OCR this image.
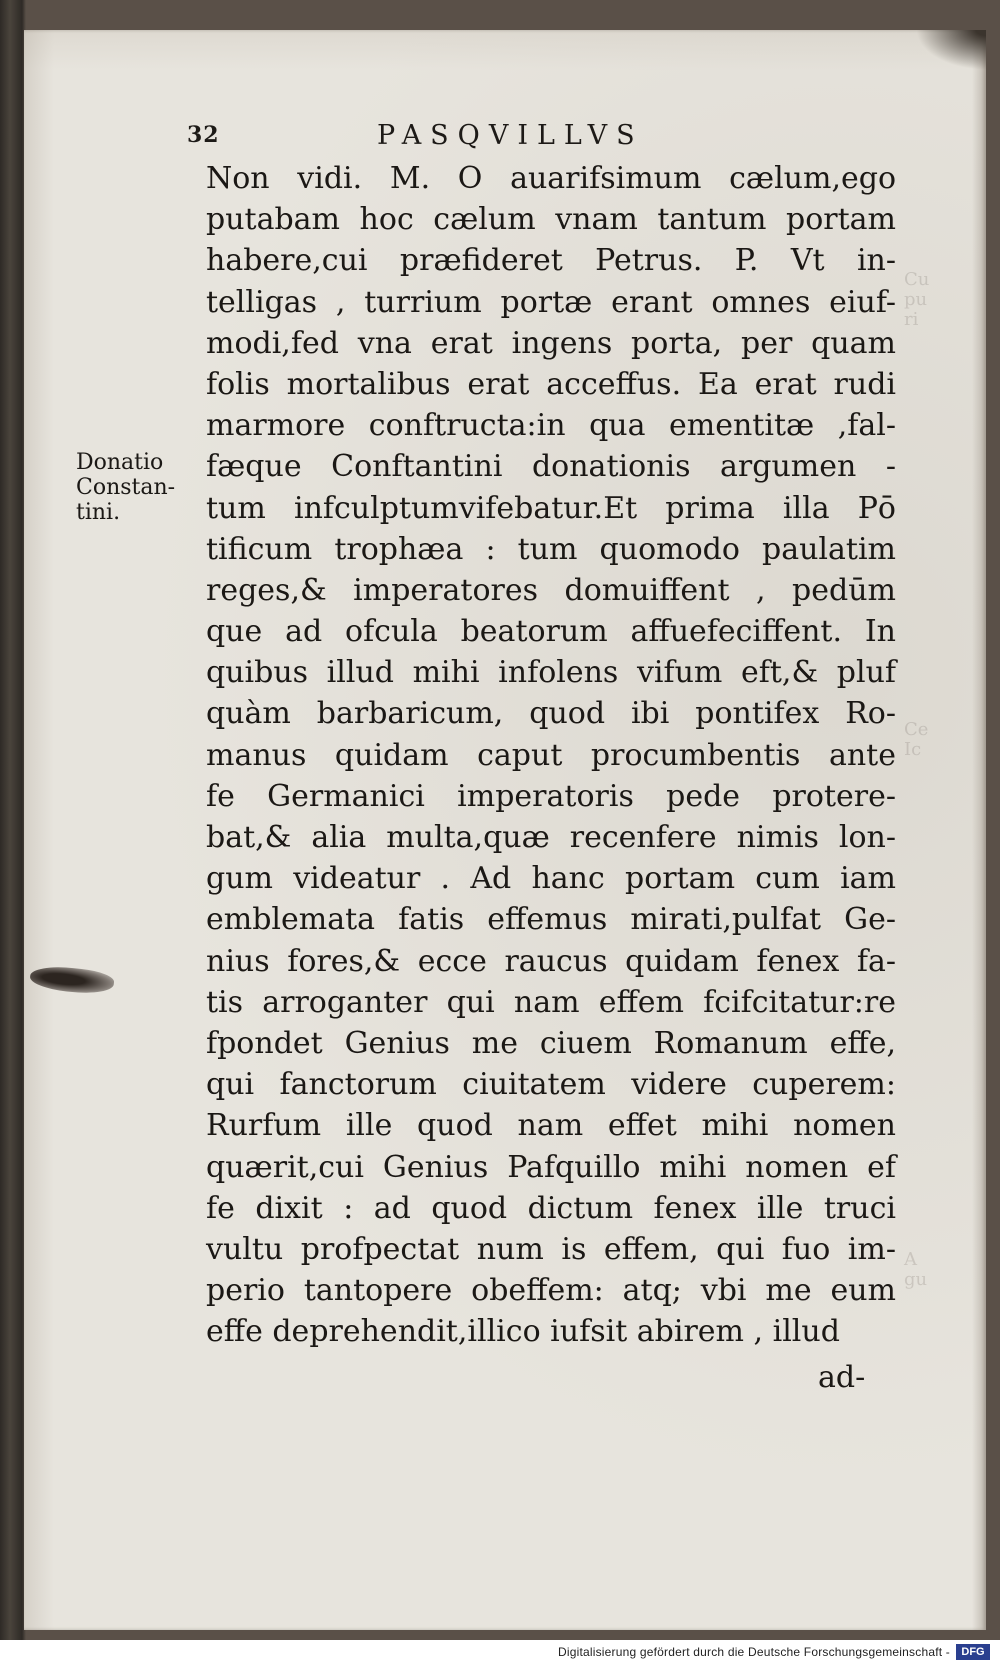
Cu
pu
ri
Ce
Ic
A
gu
32	PASQVILLVS
Donatio
Constan-
tini.
Non vidi. M. O auarifsimum cælum,ego
putabam hoc cælum vnam tantum portam
habere,cui præfideret Petrus. P. Vt in-
telligas , turrium portæ erant omnes eiuf-
modi,fed vna erat ingens porta, per quam
folis mortalibus erat acceffus. Ea erat rudi
marmore conftructa:in qua ementitæ ,fal-
fæque Conftantini donationis argumen -
tum infculptumvifebatur.Et prima illa Pō
tificum trophæa : tum quomodo paulatim
reges,& imperatores domuiffent , pedūm
que ad ofcula beatorum affuefeciffent. In
quibus illud mihi infolens vifum eft,& pluf
quàm barbaricum, quod ibi pontifex Ro-
manus quidam caput procumbentis ante
fe Germanici imperatoris pede protere-
bat,& alia multa,quæ recenfere nimis lon-
gum videatur . Ad hanc portam cum iam
emblemata fatis effemus mirati,pulfat Ge-
nius fores,& ecce raucus quidam fenex fa-
tis arroganter qui nam effem fcifcitatur:re
fpondet Genius me ciuem Romanum effe,
qui fanctorum ciuitatem videre cuperem:
Rurfum ille quod nam effet mihi nomen
quærit,cui Genius Pafquillo mihi nomen ef
fe dixit : ad quod dictum fenex ille truci
vultu profpectat num is effem, qui fuo im-
perio tantopere obeffem: atq; vbi me eum
effe deprehendit,illico iufsit abirem , illud
ad-
Digitalisierung gefördert durch die Deutsche Forschungsgemeinschaft -	DFG
